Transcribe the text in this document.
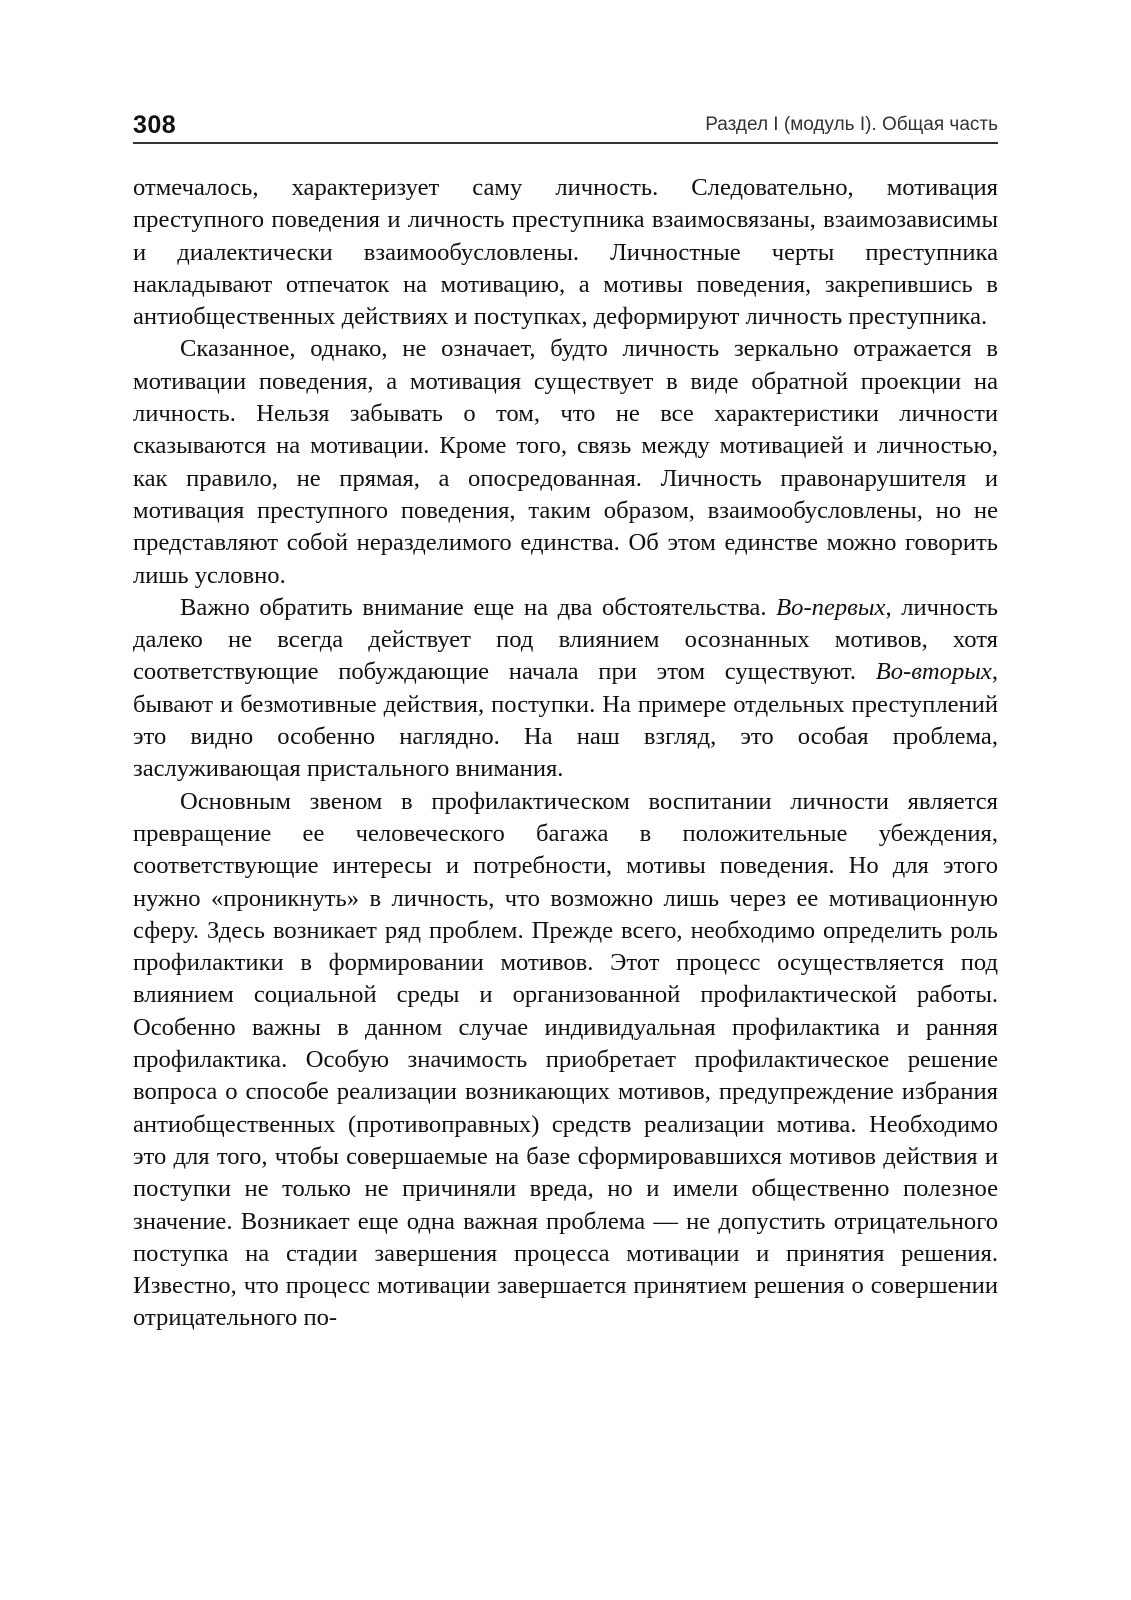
308	Раздел I (модуль I). Общая часть

отмечалось, характеризует саму личность. Следовательно, мотивация преступного поведения и личность преступника взаимосвязаны, взаимозависимы и диалектически взаимообусловлены. Личностные черты преступника накладывают отпечаток на мотивацию, а мотивы поведения, закрепившись в антиобщественных действиях и поступках, деформируют личность преступника.

Сказанное, однако, не означает, будто личность зеркально отражается в мотивации поведения, а мотивация существует в виде обратной проекции на личность. Нельзя забывать о том, что не все характеристики личности сказываются на мотивации. Кроме того, связь между мотивацией и личностью, как правило, не прямая, а опосредованная. Личность правонарушителя и мотивация преступного поведения, таким образом, взаимообусловлены, но не представляют собой неразделимого единства. Об этом единстве можно говорить лишь условно.

Важно обратить внимание еще на два обстоятельства. Во-первых, личность далеко не всегда действует под влиянием осознанных мотивов, хотя соответствующие побуждающие начала при этом существуют. Во-вторых, бывают и безмотивные действия, поступки. На примере отдельных преступлений это видно особенно наглядно. На наш взгляд, это особая проблема, заслуживающая пристального внимания.

Основным звеном в профилактическом воспитании личности является превращение ее человеческого багажа в положительные убеждения, соответствующие интересы и потребности, мотивы поведения. Но для этого нужно «проникнуть» в личность, что возможно лишь через ее мотивационную сферу. Здесь возникает ряд проблем. Прежде всего, необходимо определить роль профилактики в формировании мотивов. Этот процесс осуществляется под влиянием социальной среды и организованной профилактической работы. Особенно важны в данном случае индивидуальная профилактика и ранняя профилактика. Особую значимость приобретает профилактическое решение вопроса о способе реализации возникающих мотивов, предупреждение избрания антиобщественных (противоправных) средств реализации мотива. Необходимо это для того, чтобы совершаемые на базе сформировавшихся мотивов действия и поступки не только не причиняли вреда, но и имели общественно полезное значение. Возникает еще одна важная проблема — не допустить отрицательного поступка на стадии завершения процесса мотивации и принятия решения. Известно, что процесс мотивации завершается принятием решения о совершении отрицательного по-
